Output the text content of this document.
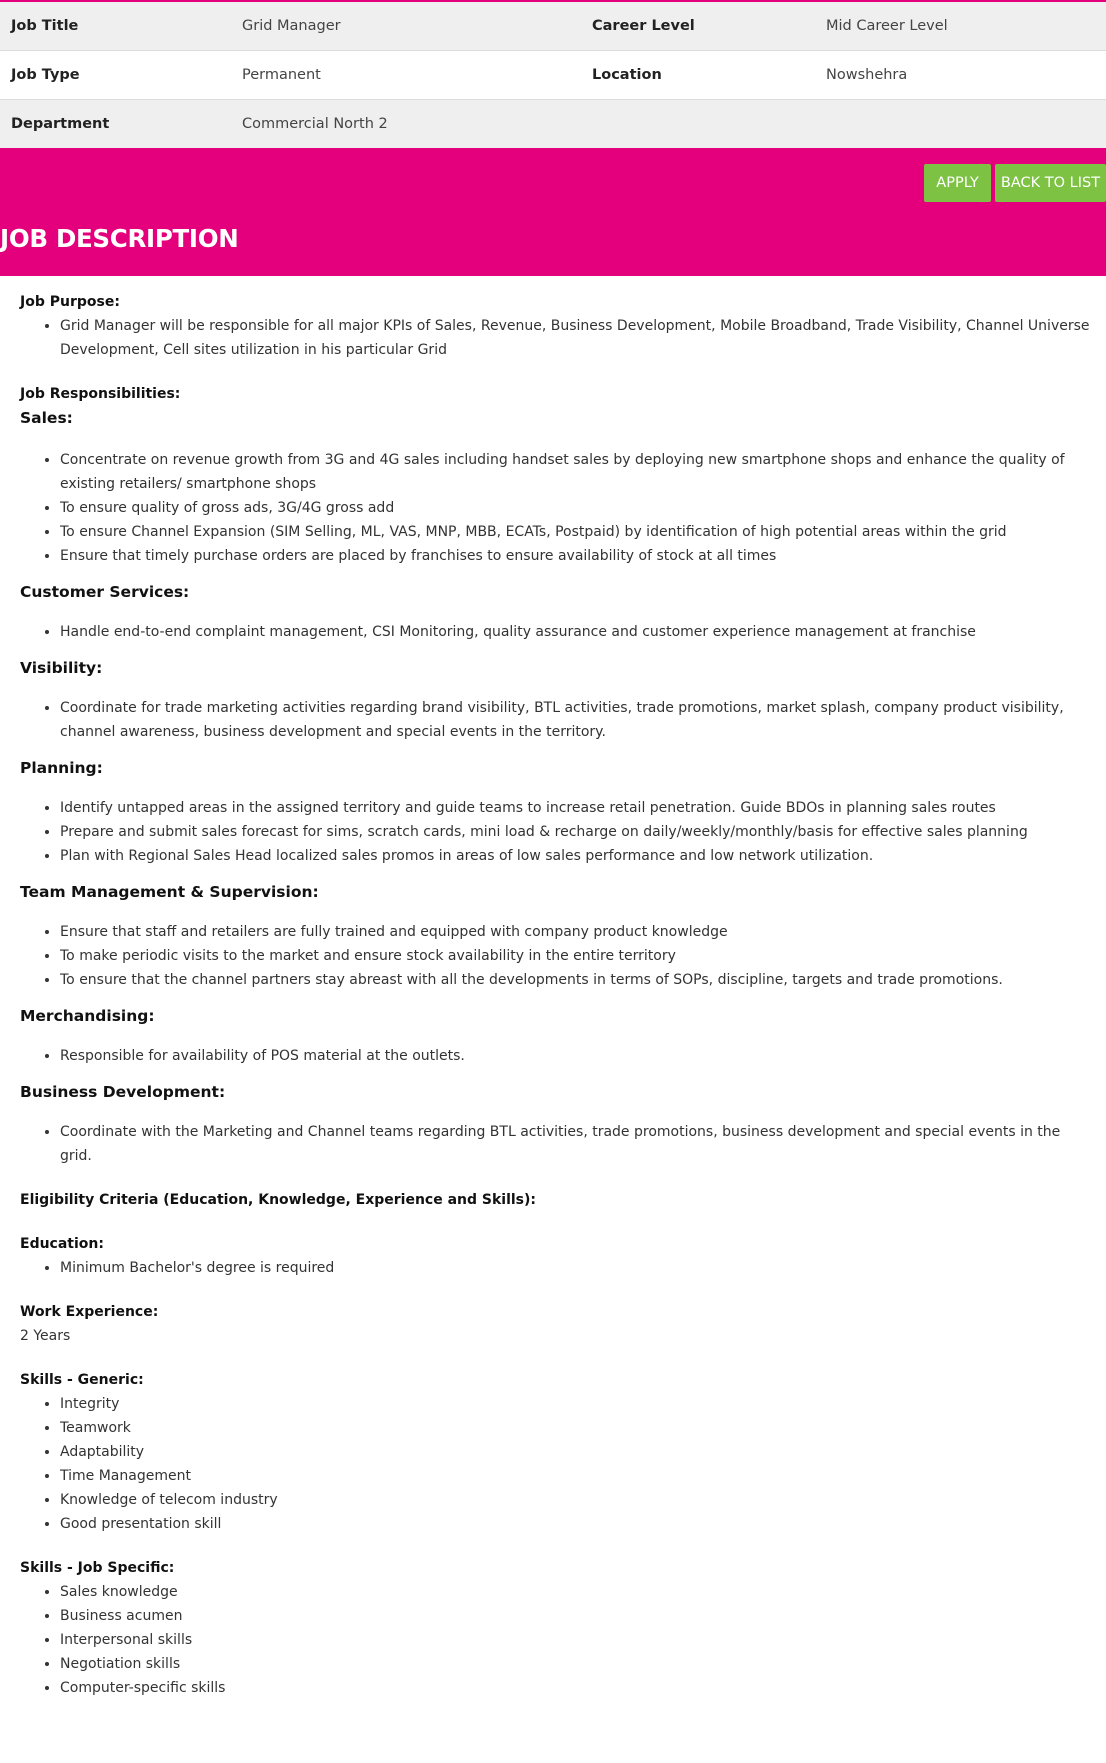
Job Title	Grid Manager	Career Level	Mid Career Level
Job Type	Permanent	Location	Nowshehra
Department	Commercial North 2
APPLY	BACK TO LIST
JOB DESCRIPTION
Job Purpose:
• Grid Manager will be responsible for all major KPIs of Sales, Revenue, Business Development, Mobile Broadband, Trade Visibility, Channel Universe Development, Cell sites utilization in his particular Grid
Job Responsibilities:
Sales:
• Concentrate on revenue growth from 3G and 4G sales including handset sales by deploying new smartphone shops and enhance the quality of existing retailers/ smartphone shops
• To ensure quality of gross ads, 3G/4G gross add
• To ensure Channel Expansion (SIM Selling, ML, VAS, MNP, MBB, ECATs, Postpaid) by identification of high potential areas within the grid
• Ensure that timely purchase orders are placed by franchises to ensure availability of stock at all times
Customer Services:
• Handle end-to-end complaint management, CSI Monitoring, quality assurance and customer experience management at franchise
Visibility:
• Coordinate for trade marketing activities regarding brand visibility, BTL activities, trade promotions, market splash, company product visibility, channel awareness, business development and special events in the territory.
Planning:
• Identify untapped areas in the assigned territory and guide teams to increase retail penetration. Guide BDOs in planning sales routes
• Prepare and submit sales forecast for sims, scratch cards, mini load & recharge on daily/weekly/monthly/basis for effective sales planning
• Plan with Regional Sales Head localized sales promos in areas of low sales performance and low network utilization.
Team Management & Supervision:
• Ensure that staff and retailers are fully trained and equipped with company product knowledge
• To make periodic visits to the market and ensure stock availability in the entire territory
• To ensure that the channel partners stay abreast with all the developments in terms of SOPs, discipline, targets and trade promotions.
Merchandising:
• Responsible for availability of POS material at the outlets.
Business Development:
• Coordinate with the Marketing and Channel teams regarding BTL activities, trade promotions, business development and special events in the grid.
Eligibility Criteria (Education, Knowledge, Experience and Skills):
Education:
• Minimum Bachelor's degree is required
Work Experience:
2 Years
Skills - Generic:
• Integrity
• Teamwork
• Adaptability
• Time Management
• Knowledge of telecom industry
• Good presentation skill
Skills - Job Specific:
• Sales knowledge
• Business acumen
• Interpersonal skills
• Negotiation skills
• Computer-specific skills
